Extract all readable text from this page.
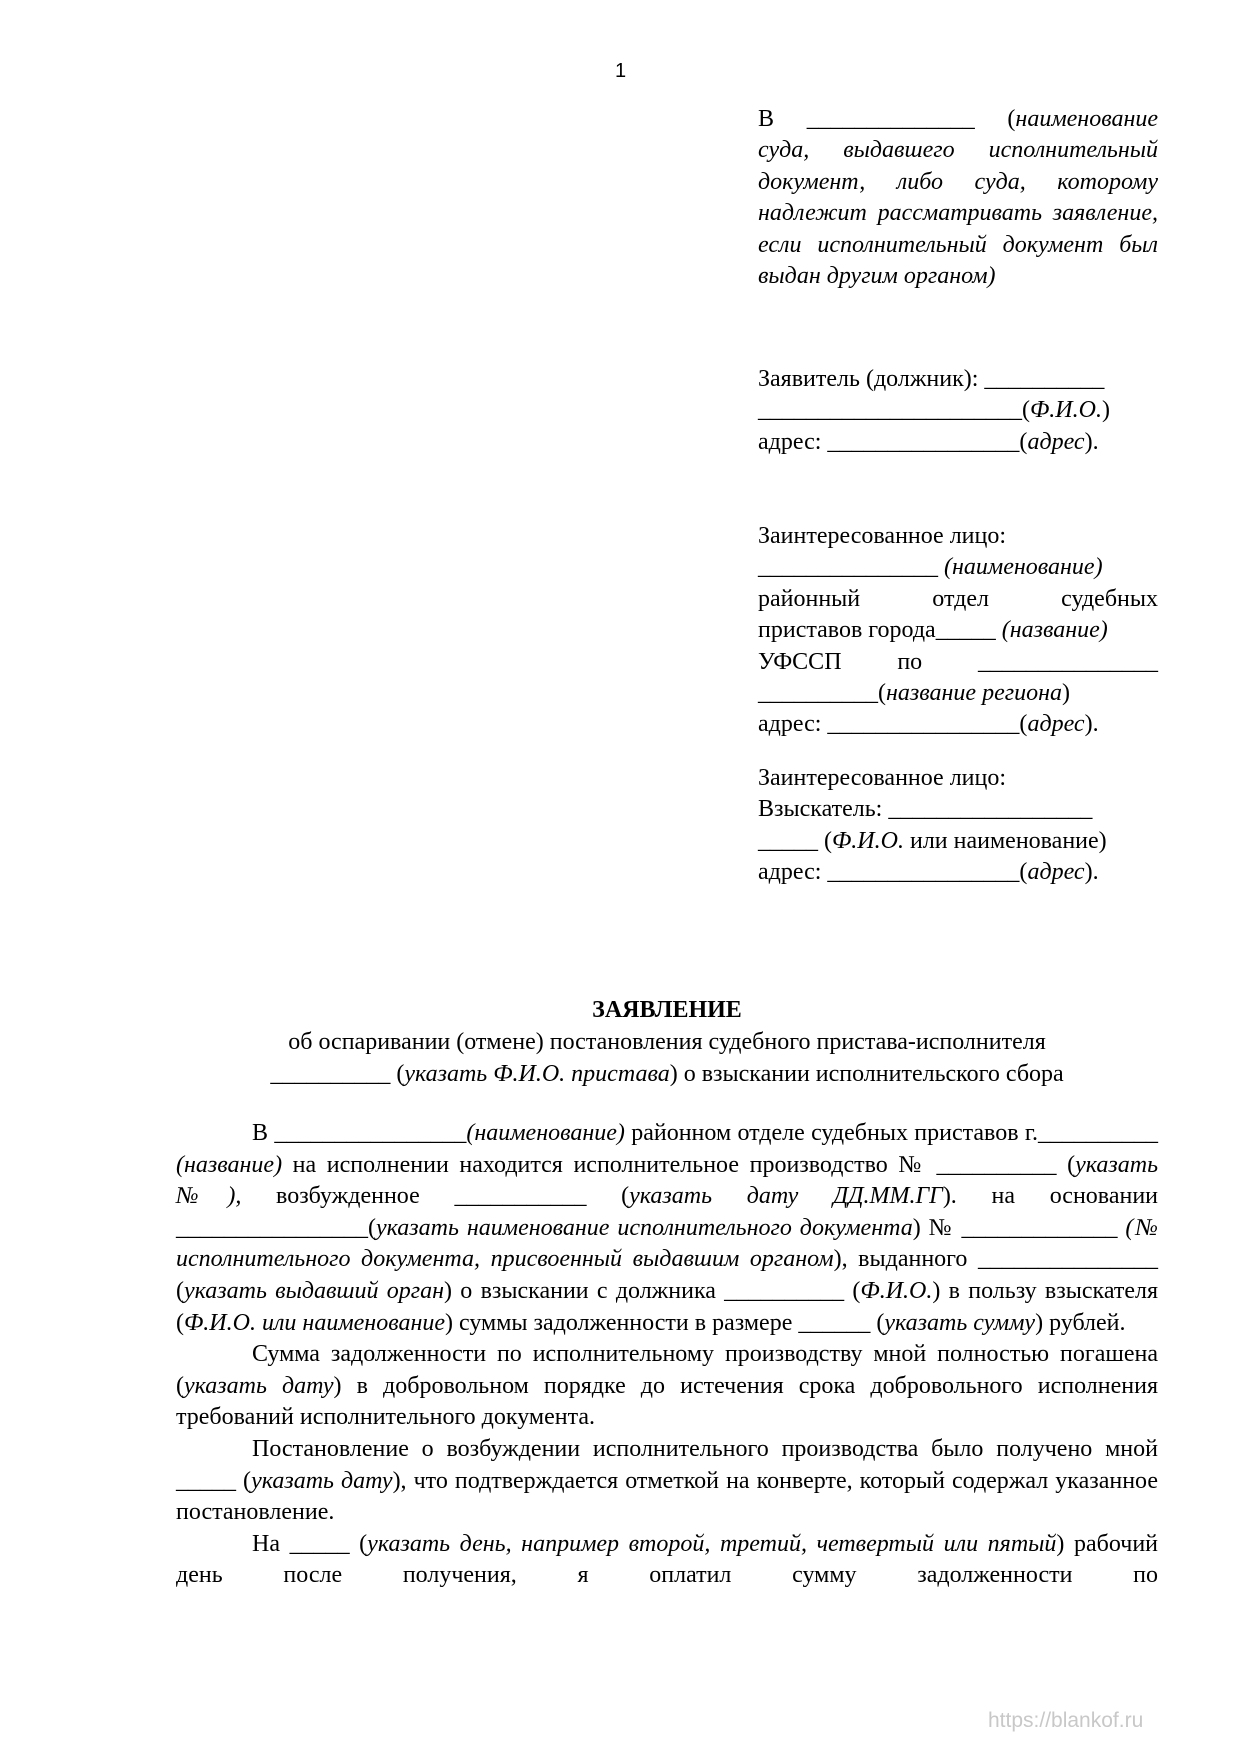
1
В ______________ (наименование суда, выдавшего исполнительный документ, либо суда, которому надлежит рассматривать заявление, если исполнительный документ был выдан другим органом)

Заявитель (должник): __________

______________________(Ф.И.О.)

адрес: ________________(адрес).

Заинтересованное лицо:

_______________ (наименование)

районный отдел судебных

приставов города_____ (название)

УФССП по _______________

__________(название региона)

адрес: ________________(адрес).

Заинтересованное лицо:

Взыскатель: _________________

_____ (Ф.И.О. или наименование)

адрес: ________________(адрес).

ЗАЯВЛЕНИЕ
об оспаривании (отмене) постановления судебного пристава-исполнителя
__________ (указать Ф.И.О. пристава) о взыскании исполнительского сбора

В ________________(наименование) районном отделе судебных приставов г.__________ (название) на исполнении находится исполнительное производство № __________ (указать №), возбужденное ___________ (указать дату ДД.ММ.ГГ). на основании ________________(указать наименование исполнительного документа) № _____________ (№ исполнительного документа, присвоенный выдавшим органом), выданного _______________ (указать выдавший орган) о взыскании с должника __________ (Ф.И.О.) в пользу взыскателя (Ф.И.О. или наименование) суммы задолженности в размере ______ (указать сумму) рублей.

Сумма задолженности по исполнительному производству мной полностью погашена (указать дату) в добровольном порядке до истечения срока добровольного исполнения требований исполнительного документа.

Постановление о возбуждении исполнительного производства было получено мной _____ (указать дату), что подтверждается отметкой на конверте, который содержал указанное постановление.

На _____ (указать день, например второй, третий, четвертый или пятый) рабочий день после получения, я оплатил сумму задолженности по

https://blankof.ru
